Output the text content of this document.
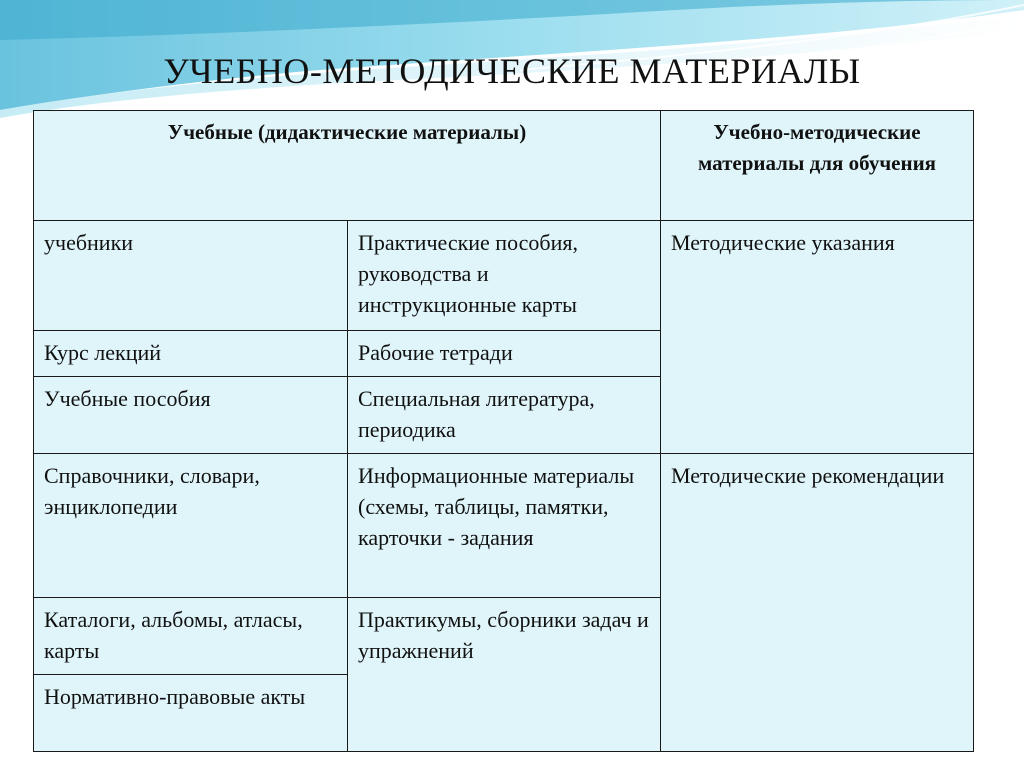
УЧЕБНО-МЕТОДИЧЕСКИЕ МАТЕРИАЛЫ
Учебные (дидактические материалы)		Учебно-методические материалы для обучения
учебники	Практические пособия, руководства и инструкционные карты	Методические указания
Курс лекций	Рабочие тетради	
Учебные пособия	Специальная литература, периодика	
Справочники, словари, энциклопедии	Информационные материалы (схемы, таблицы, памятки, карточки - задания	Методические рекомендации
Каталоги, альбомы, атласы, карты	Практикумы, сборники задач и упражнений	
Нормативно-правовые акты		
